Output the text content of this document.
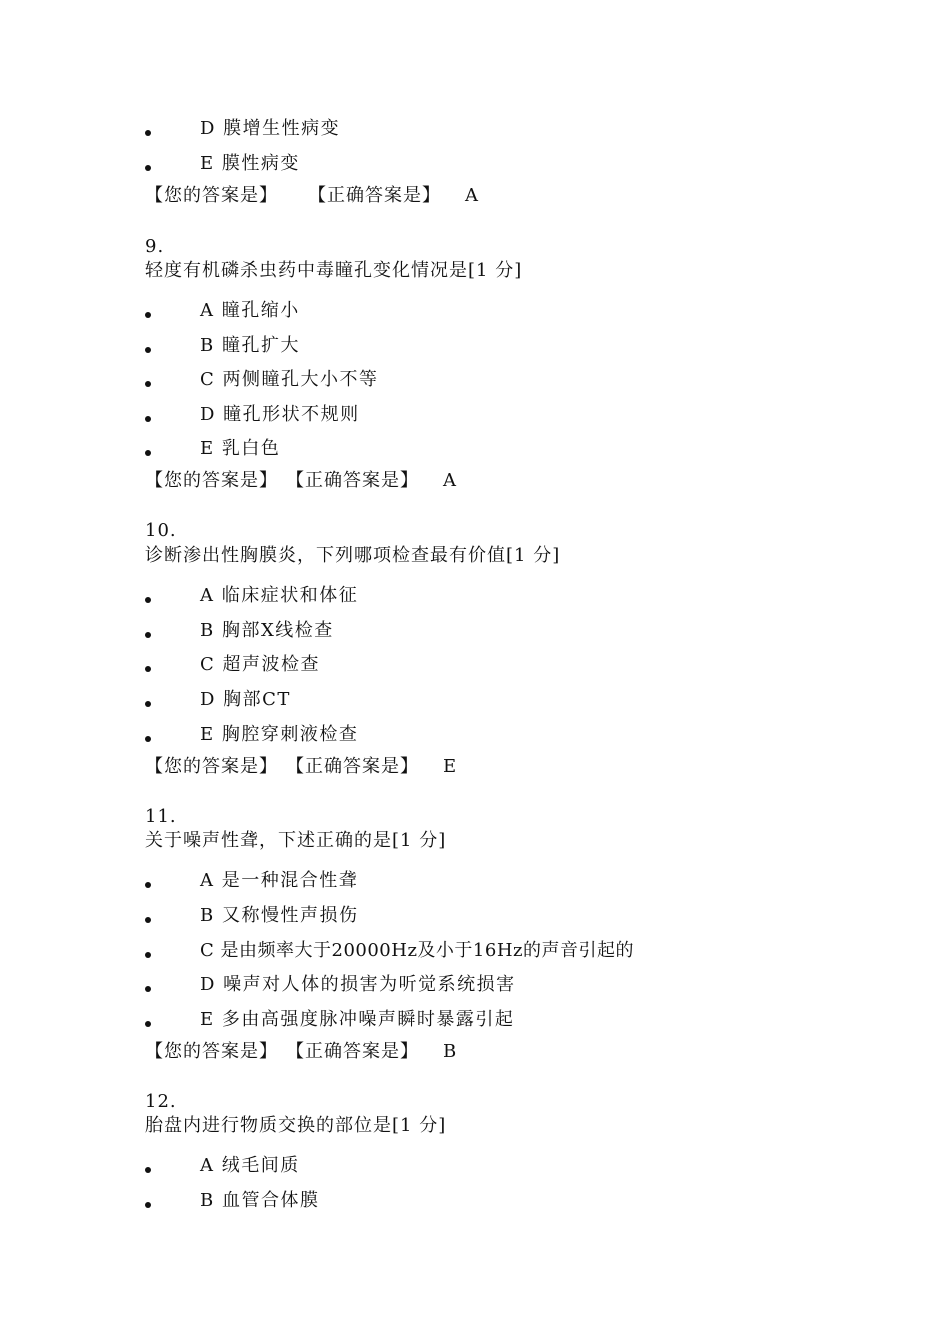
D 膜增生性病变
E 膜性病变
【您的答案是】 【正确答案是】 A
9.
轻度有机磷杀虫药中毒瞳孔变化情况是[1 分]
A 瞳孔缩小
B 瞳孔扩大
C 两侧瞳孔大小不等
D 瞳孔形状不规则
E 乳白色
【您的答案是】 【正确答案是】 A
10.
诊断渗出性胸膜炎，下列哪项检查最有价值[1 分]
A 临床症状和体征
B 胸部X线检查
C 超声波检查
D 胸部CT
E 胸腔穿刺液检查
【您的答案是】 【正确答案是】 E
11.
关于噪声性聋，下述正确的是[1 分]
A 是一种混合性聋
B 又称慢性声损伤
C 是由频率大于20000Hz及小于16Hz的声音引起的
D 噪声对人体的损害为听觉系统损害
E 多由高强度脉冲噪声瞬时暴露引起
【您的答案是】 【正确答案是】 B
12.
胎盘内进行物质交换的部位是[1 分]
A 绒毛间质
B 血管合体膜
